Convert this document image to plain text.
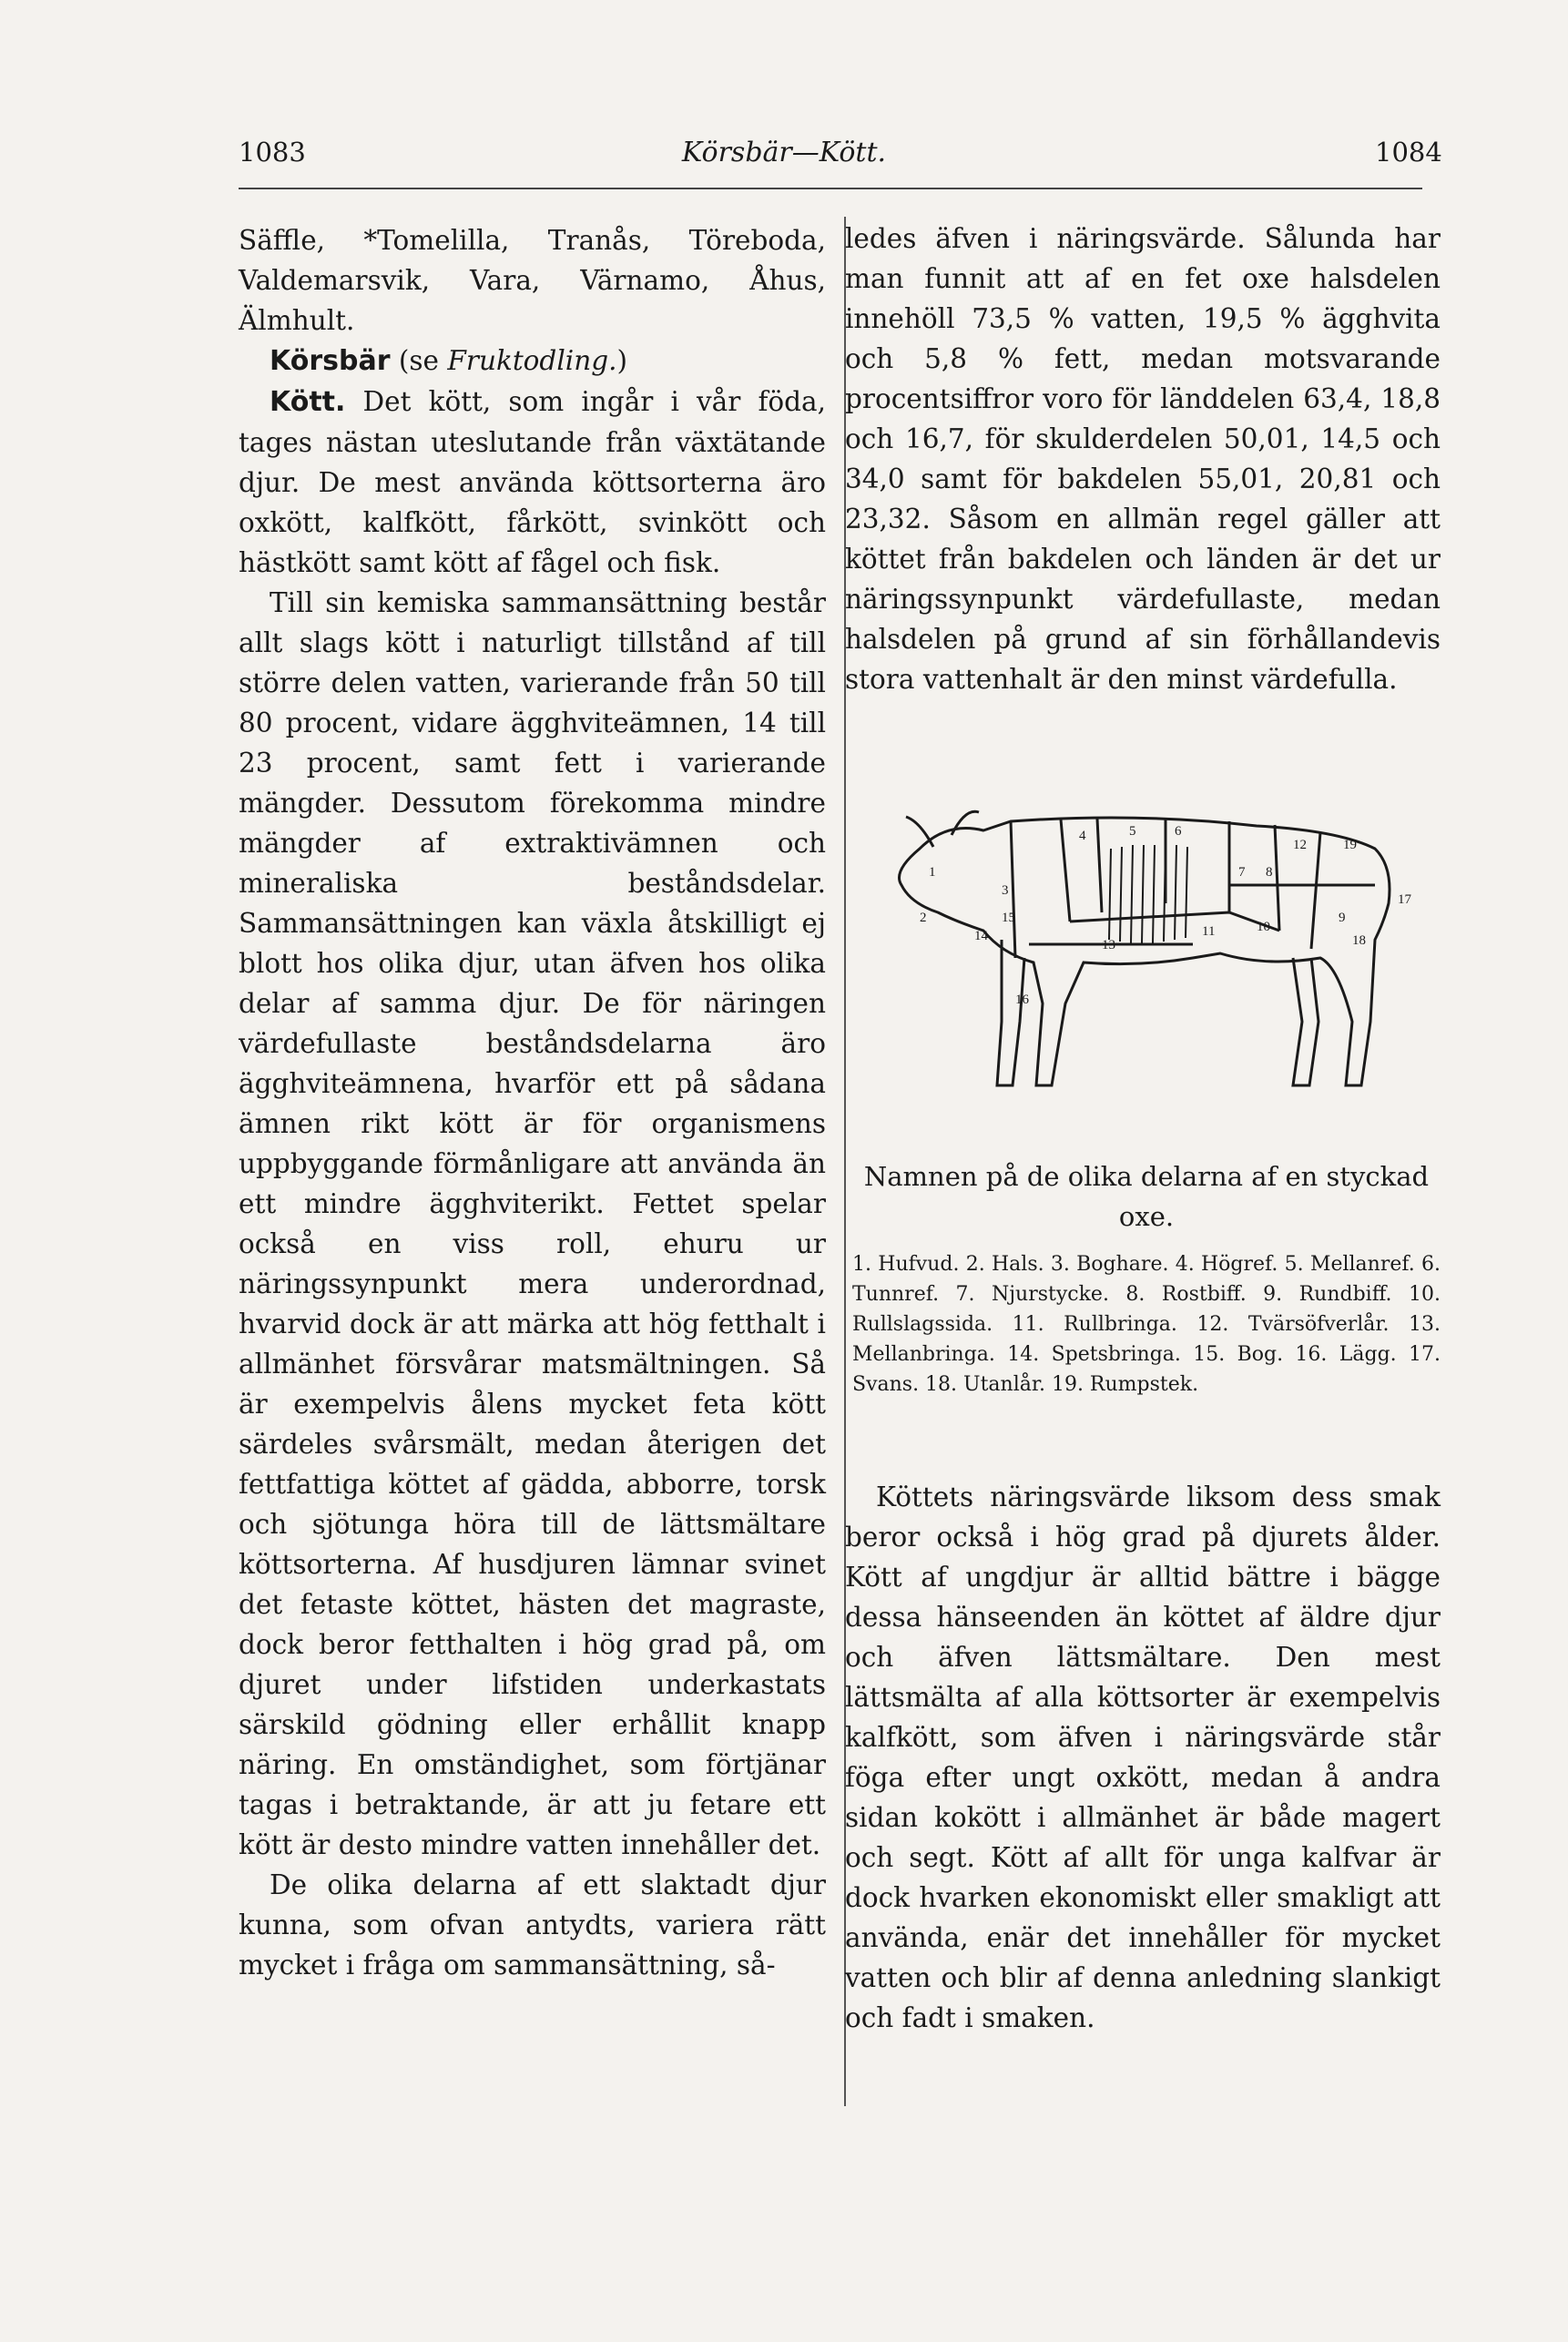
1083	Körsbär—Kött.	1084

Säffle, *Tomelilla, Tranås, Töreboda, Valdemarsvik, Vara, Värnamo, Åhus, Älmhult.

Körsbär (se Fruktodling.)

Kött. Det kött, som ingår i vår föda, tages nästan uteslutande från växtätande djur. De mest använda köttsorterna äro oxkött, kalfkött, fårkött, svinkött och hästkött samt kött af fågel och fisk.

Till sin kemiska sammansättning består allt slags kött i naturligt tillstånd af till större delen vatten, varierande från 50 till 80 procent, vidare ägghviteämnen, 14 till 23 procent, samt fett i varierande mängder. Dessutom förekomma mindre mängder af extraktivämnen och mineraliska beståndsdelar. Sammansättningen kan växla åtskilligt ej blott hos olika djur, utan äfven hos olika delar af samma djur. De för näringen värdefullaste beståndsdelarna äro ägghviteämnena, hvarför ett på sådana ämnen rikt kött är för organismens uppbyggande förmånligare att använda än ett mindre ägghviterikt. Fettet spelar också en viss roll, ehuru ur näringssynpunkt mera underordnad, hvarvid dock är att märka att hög fetthalt i allmänhet försvårar matsmältningen. Så är exempelvis ålens mycket feta kött särdeles svårsmält, medan återigen det fettfattiga köttet af gädda, abborre, torsk och sjötunga höra till de lättsmältare köttsorterna. Af husdjuren lämnar svinet det fetaste köttet, hästen det magraste, dock beror fetthalten i hög grad på, om djuret under lifstiden underkastats särskild gödning eller erhållit knapp näring. En omständighet, som förtjänar tagas i betraktande, är att ju fetare ett kött är desto mindre vatten innehåller det.

De olika delarna af ett slaktadt djur kunna, som ofvan antydts, variera rätt mycket i fråga om sammansättning, så-

ledes äfven i näringsvärde. Sålunda har man funnit att af en fet oxe halsdelen innehöll 73,5 % vatten, 19,5 % ägghvita och 5,8 % fett, medan motsvarande procentsiffror voro för länddelen 63,4, 18,8 och 16,7, för skulderdelen 50,01, 14,5 och 34,0 samt för bakdelen 55,01, 20,81 och 23,32. Såsom en allmän regel gäller att köttet från bakdelen och länden är det ur näringssynpunkt värdefullaste, medan halsdelen på grund af sin förhållandevis stora vattenhalt är den minst värdefulla.

1
2
3
4	5	6
7 8
9
10
11
12
13
14
15
16
17
18
19
Namnen på de olika delarna af en styckad oxe.

1. Hufvud. 2. Hals. 3. Bogharе. 4. Högref. 5. Mellanref. 6. Tunnref. 7. Njurstycke. 8. Rostbiff. 9. Rundbiff. 10. Rullslagssida. 11. Rullbringa. 12. Tvärsöfverlår. 13. Mellanbringa. 14. Spetsbringa. 15. Bog. 16. Lägg. 17. Svans. 18. Utanlår. 19. Rumpstek.

Köttets näringsvärde liksom dess smak beror också i hög grad på djurets ålder. Kött af ungdjur är alltid bättre i bägge dessa hänseenden än köttet af äldre djur och äfven lättsmältare. Den mest lättsmälta af alla köttsorter är exempelvis kalfkött, som äfven i näringsvärde står föga efter ungt oxkött, medan å andra sidan kokött i allmänhet är både magert och segt. Kött af allt för unga kalfvar är dock hvarken ekonomiskt eller smakligt att använda, enär det innehåller för mycket vatten och blir af denna anledning slankigt och fadt i smaken.
